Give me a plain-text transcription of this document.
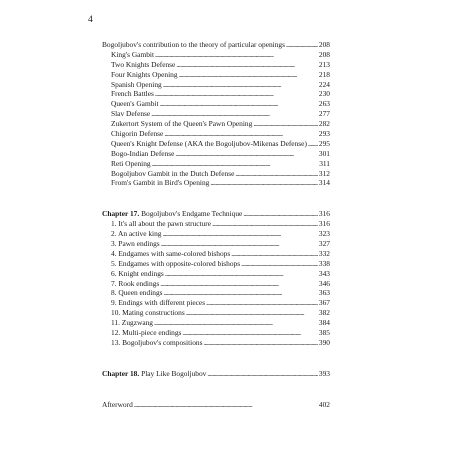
4
Bogoljubov's contribution to the theory of particular openings . . .	208
King's Gambit . . .	208
Two Knights Defense . . .	213
Four Knights Opening . . .	218
Spanish Opening . . .	224
French Battles . . .	230
Queen's Gambit . . .	263
Slav Defense . . .	277
Zukertort System of the Queen's Pawn Opening . . .	282
Chigorin Defense . . .	293
Queen's Knight Defense (AKA the Bogoljubov-Mikenas Defense) . . . 295
Bogo-Indian Defense . . .	301
Reti Opening . . .	311
Bogoljubov Gambit in the Dutch Defense . . .	312
From's Gambit in Bird's Opening . . .	314
Chapter 17. Bogoljubov's Endgame Technique . . .	316
1. It's all about the pawn structure . . .	316
2. An active king . . .	323
3. Pawn endings . . .	327
4. Endgames with same-colored bishops . . .	332
5. Endgames with opposite-colored bishops . . .	338
6. Knight endings . . .	343
7. Rook endings . . .	346
8. Queen endings . . .	363
9. Endings with different pieces . . .	367
10. Mating constructions . . .	382
11. Zugzwang . . .	384
12. Multi-piece endings . . .	385
13. Bogoljubov's compositions . . .	390
Chapter 18. Play Like Bogoljubov . . .	393
Afterword . . .	402
